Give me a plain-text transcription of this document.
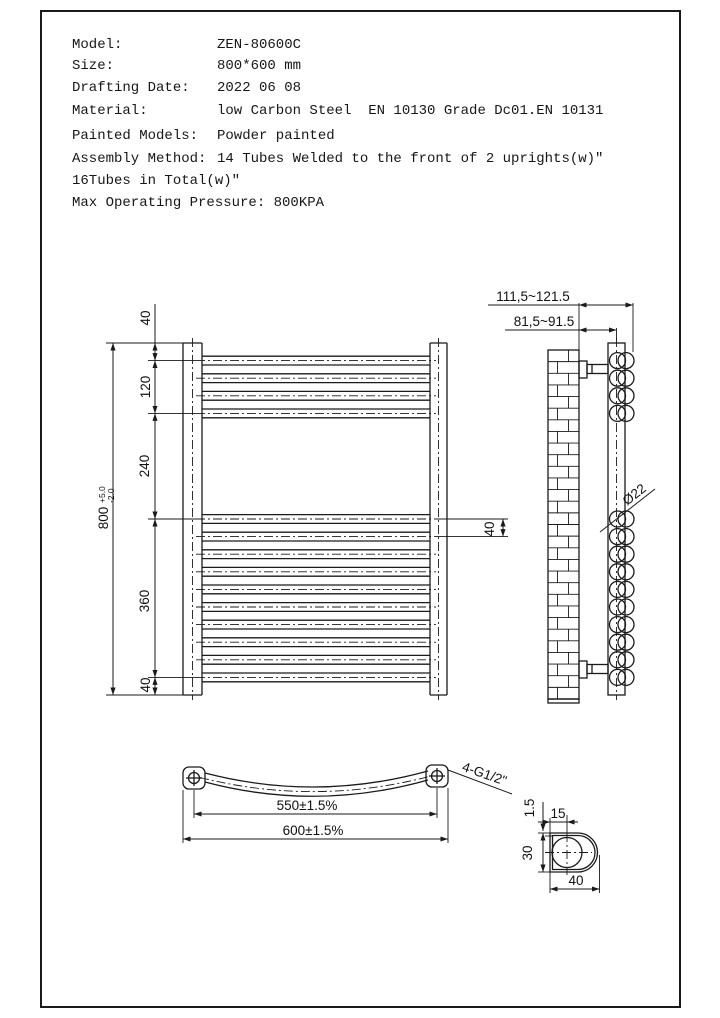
Model:	ZEN-80600C
Size:	800*600 mm
Drafting Date: 2022 06 08
Material:	low Carbon Steel  EN 10130 Grade Dc01.EN 10131
Painted Models: Powder painted
Assembly Method: 14 Tubes Welded to the front of 2 uprights(w)"
16Tubes in Total(w)"
Max Operating Pressure: 800KPA
40
120
240
360
40
800
+5.0 -2.0
40
111,5~121.5
81,5~91.5
Ø22
550±1.5%
600±1.5%
4-G1/2"
1.5 15
30
40
